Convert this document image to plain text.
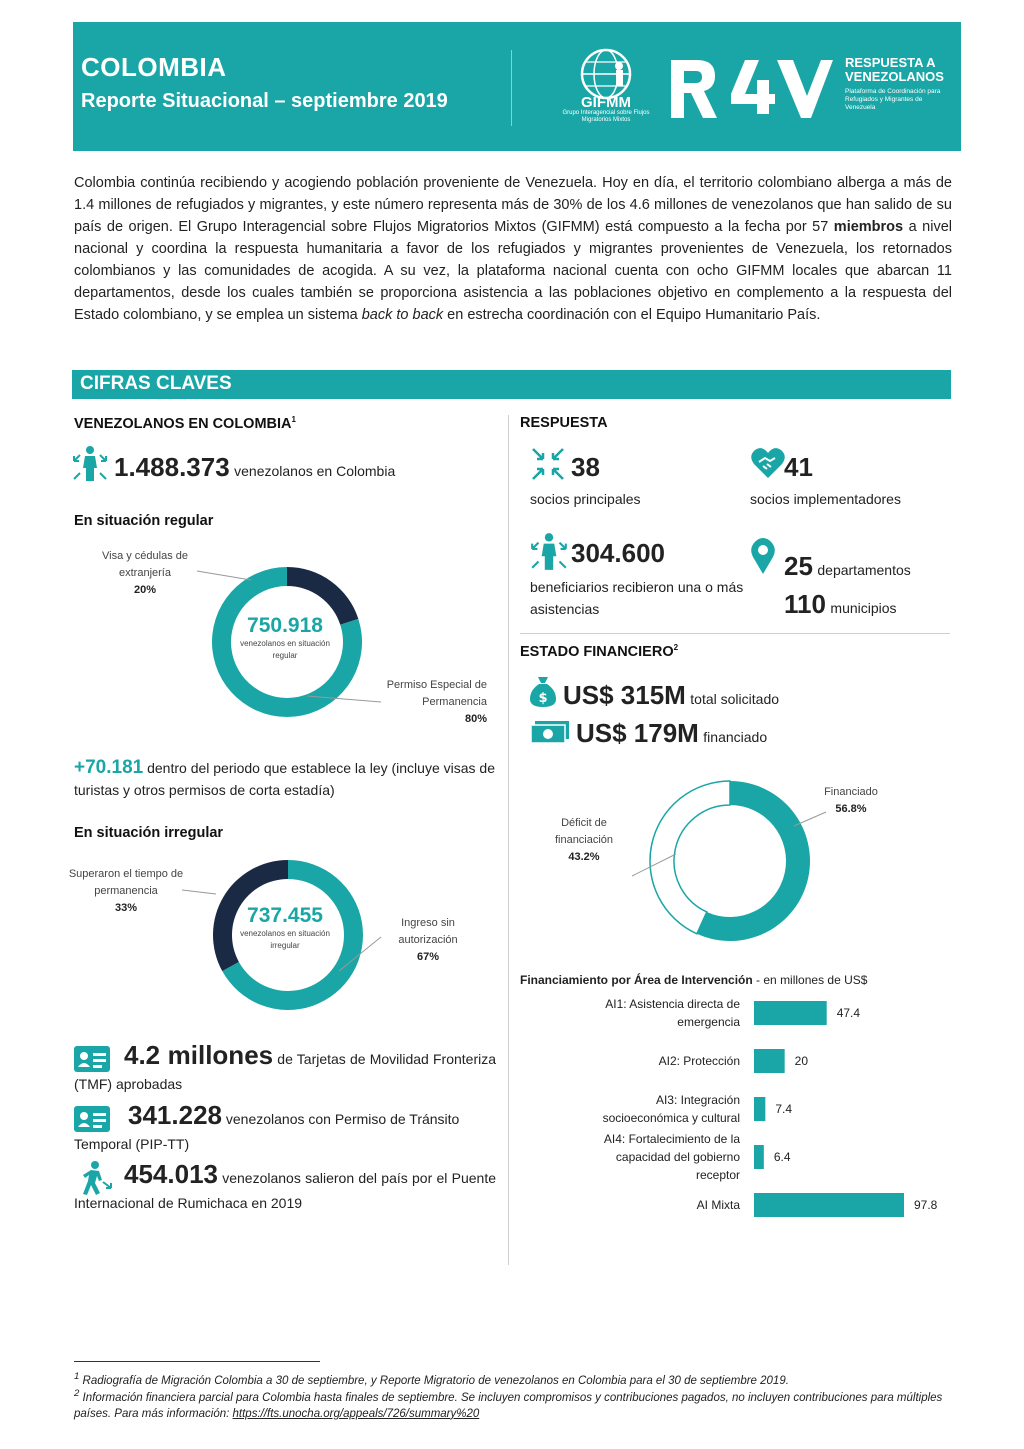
COLOMBIA
Reporte Situacional – septiembre 2019	GIFMM
Grupo Interagencial sobre Flujos Migratorios Mixtos
RESPUESTA A VENEZOLANOS
Plataforma de Coordinación para Refugiados y Migrantes de Venezuela
Colombia continúa recibiendo y acogiendo población proveniente de Venezuela. Hoy en día, el territorio colombiano alberga a más de 1.4 millones de refugiados y migrantes, y este número representa más de 30% de los 4.6 millones de venezolanos que han salido de su país de origen. El Grupo Interagencial sobre Flujos Migratorios Mixtos (GIFMM) está compuesto a la fecha por 57 miembros a nivel nacional y coordina la respuesta humanitaria a favor de los refugiados y migrantes provenientes de Venezuela, los retornados colombianos y las comunidades de acogida. A su vez, la plataforma nacional cuenta con ocho GIFMM locales que abarcan 11 departamentos, desde los cuales también se proporciona asistencia a las poblaciones objetivo en complemento a la respuesta del Estado colombiano, y se emplea un sistema back to back en estrecha coordinación con el Equipo Humanitario País.
CIFRAS CLAVES
VENEZOLANOS EN COLOMBIA$^1$
1.488.373 venezolanos en Colombia
En situación regular
750.918
venezolanos en situación regular
Visa y cédulas de extranjería
20%
Permiso Especial de Permanencia
80%
+70.181 dentro del periodo que establece la ley (incluye visas de turistas y otros permisos de corta estadía)
En situación irregular
737.455
venezolanos en situación irregular
Superaron el tiempo de permanencia
33%
Ingreso sin autorización
67%
4.2 millones de Tarjetas de Movilidad Fronteriza (TMF) aprobadas
341.228 venezolanos con Permiso de Tránsito Temporal (PIP-TT)
454.013 venezolanos salieron del país por el Puente Internacional de Rumichaca en 2019
RESPUESTA
38
socios principales
41
socios implementadores
304.600
beneficiarios recibieron una o más asistencias
25 departamentos
110 municipios
ESTADO FINANCIERO$^2$
$ US$ 315M total solicitado
US$ 179M financiado
Financiado
56.8%
Déficit de financiación
43.2%
Financiamiento por Área de Intervención - en millones de US$
47.4
AI1: Asistencia directa de
emergencia
20
AI2: Protección
7.4
AI3: Integración
socioeconómica y cultural
6.4
AI4: Fortalecimiento de la
capacidad del gobierno
receptor
97.8
AI Mixta
$^1$ Radiografía de Migración Colombia a 30 de septiembre, y Reporte Migratorio de venezolanos en Colombia para el 30 de septiembre 2019.
$^2$ Información financiera parcial para Colombia hasta finales de septiembre. Se incluyen compromisos y contribuciones pagados, no incluyen contribuciones para múltiples países. Para más información: https://fts.unocha.org/appeals/726/summary%20
